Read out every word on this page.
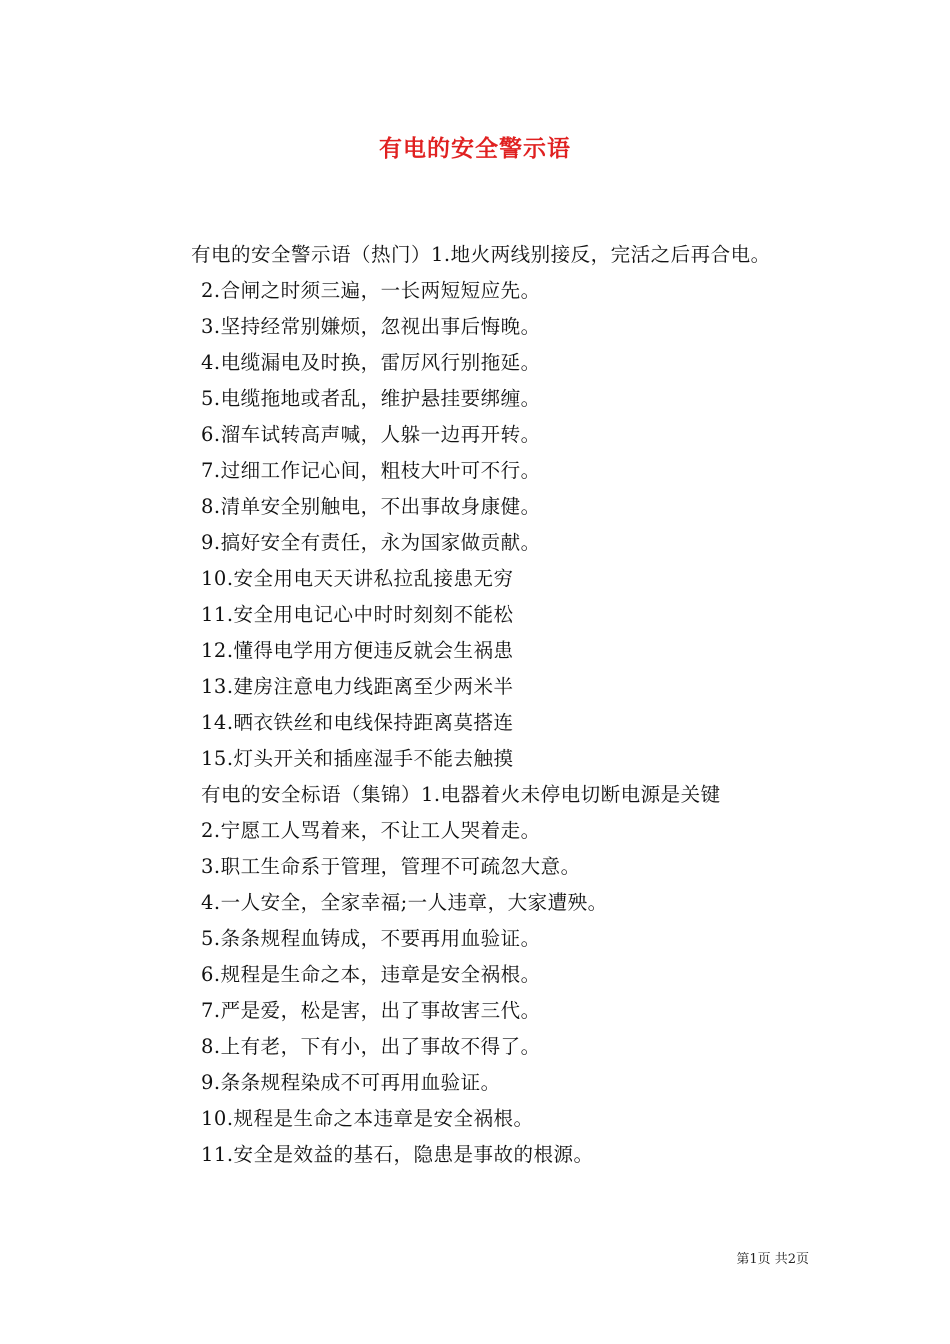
有电的安全警示语

有电的安全警示语（热门）1.地火两线别接反，完活之后再合电。

2.合闸之时须三遍，一长两短短应先。

3.坚持经常别嫌烦，忽视出事后悔晚。

4.电缆漏电及时换，雷厉风行别拖延。

5.电缆拖地或者乱，维护悬挂要绑缠。

6.溜车试转高声喊，人躲一边再开转。

7.过细工作记心间，粗枝大叶可不行。

8.清单安全别触电，不出事故身康健。

9.搞好安全有责任，永为国家做贡献。

10.安全用电天天讲私拉乱接患无穷

11.安全用电记心中时时刻刻不能松

12.懂得电学用方便违反就会生祸患

13.建房注意电力线距离至少两米半

14.晒衣铁丝和电线保持距离莫搭连

15.灯头开关和插座湿手不能去触摸

有电的安全标语（集锦）1.电器着火未停电切断电源是关键

2.宁愿工人骂着来，不让工人哭着走。

3.职工生命系于管理，管理不可疏忽大意。

4.一人安全，全家幸福;一人违章，大家遭殃。

5.条条规程血铸成，不要再用血验证。

6.规程是生命之本，违章是安全祸根。

7.严是爱，松是害，出了事故害三代。

8.上有老，下有小，出了事故不得了。

9.条条规程染成不可再用血验证。

10.规程是生命之本违章是安全祸根。

11.安全是效益的基石，隐患是事故的根源。

第1页 共2页
